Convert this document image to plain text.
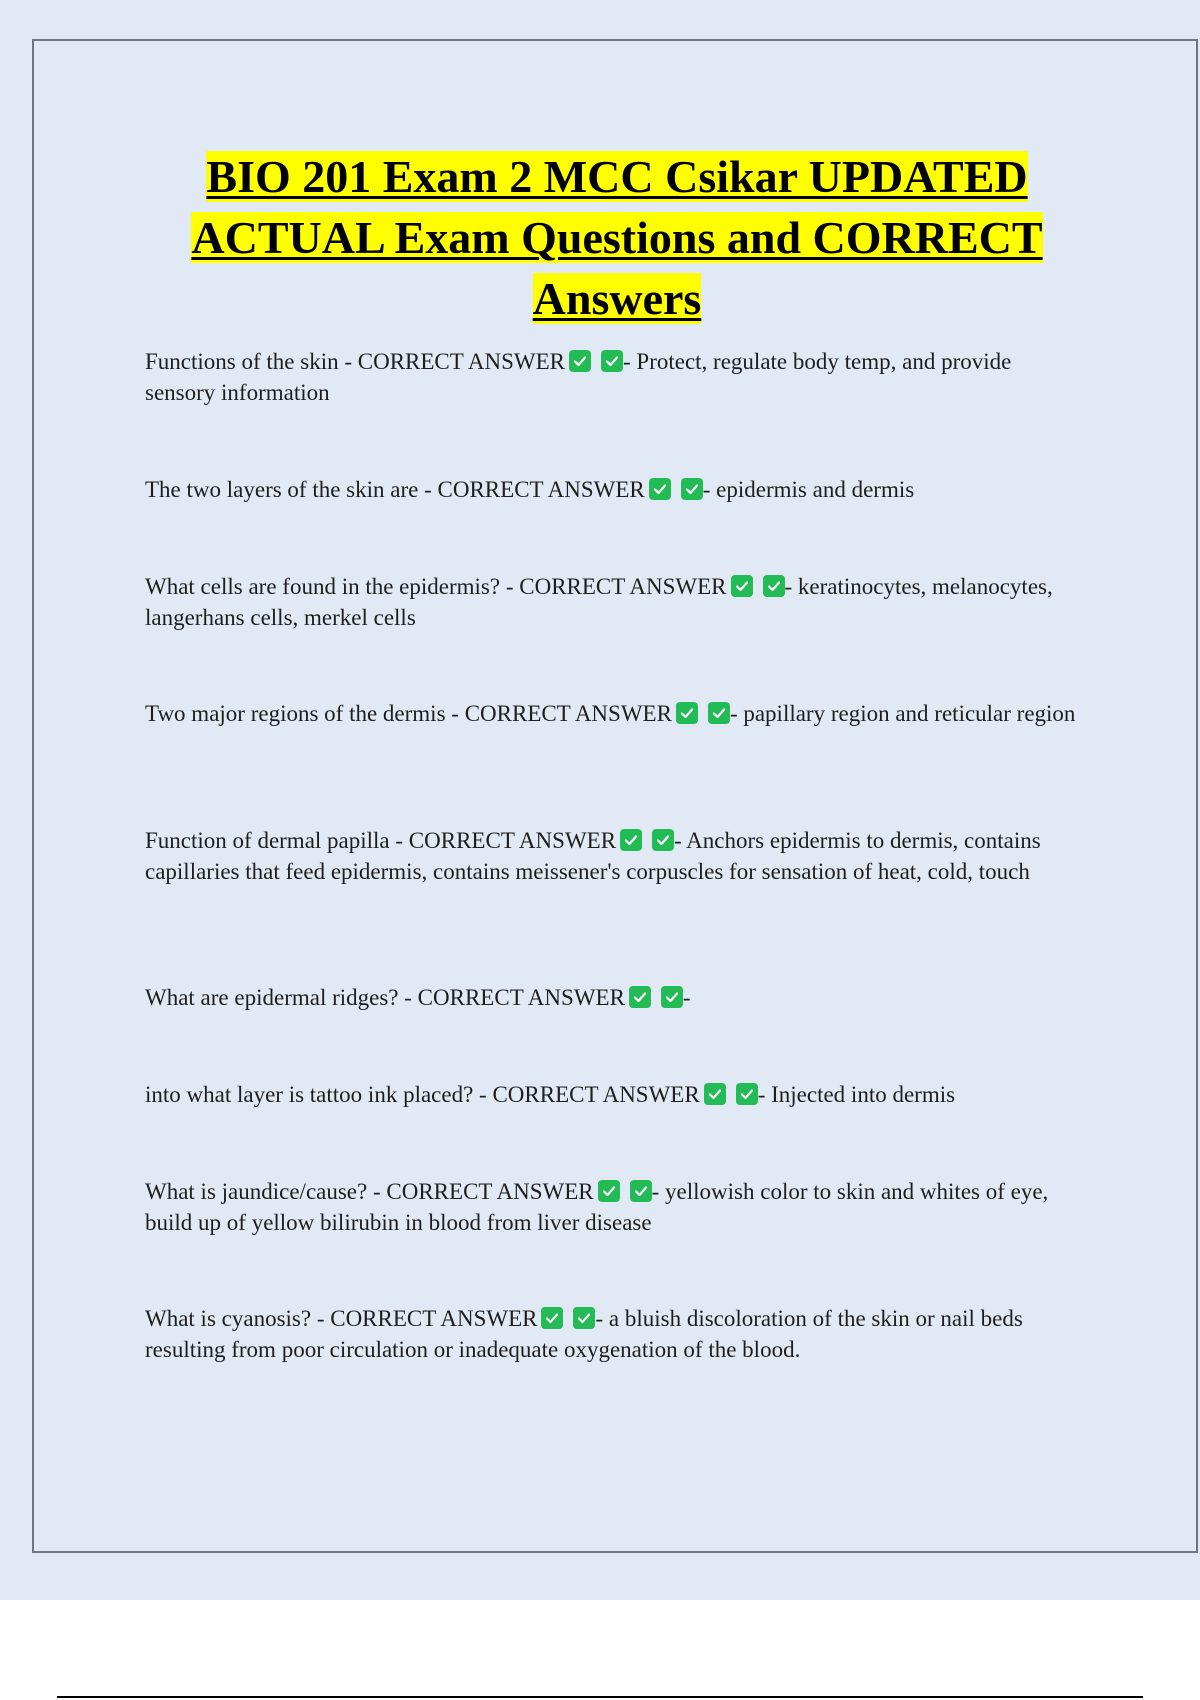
BIO 201 Exam 2 MCC Csikar UPDATED
ACTUAL Exam Questions and CORRECT
Answers

Functions of the skin - CORRECT ANSWER	- Protect, regulate body temp, and provide sensory information

The two layers of the skin are - CORRECT ANSWER	- epidermis and dermis

What cells are found in the epidermis? - CORRECT ANSWER	- keratinocytes, melanocytes, langerhans cells, merkel cells

Two major regions of the dermis - CORRECT ANSWER	- papillary region and reticular region

Function of dermal papilla - CORRECT ANSWER	- Anchors epidermis to dermis, contains capillaries that feed epidermis, contains meissener's corpuscles for sensation of heat, cold, touch

What are epidermal ridges? - CORRECT ANSWER	-

into what layer is tattoo ink placed? - CORRECT ANSWER	- Injected into dermis

What is jaundice/cause? - CORRECT ANSWER	- yellowish color to skin and whites of eye, build up of yellow bilirubin in blood from liver disease

What is cyanosis? - CORRECT ANSWER	- a bluish discoloration of the skin or nail beds resulting from poor circulation or inadequate oxygenation of the blood.
